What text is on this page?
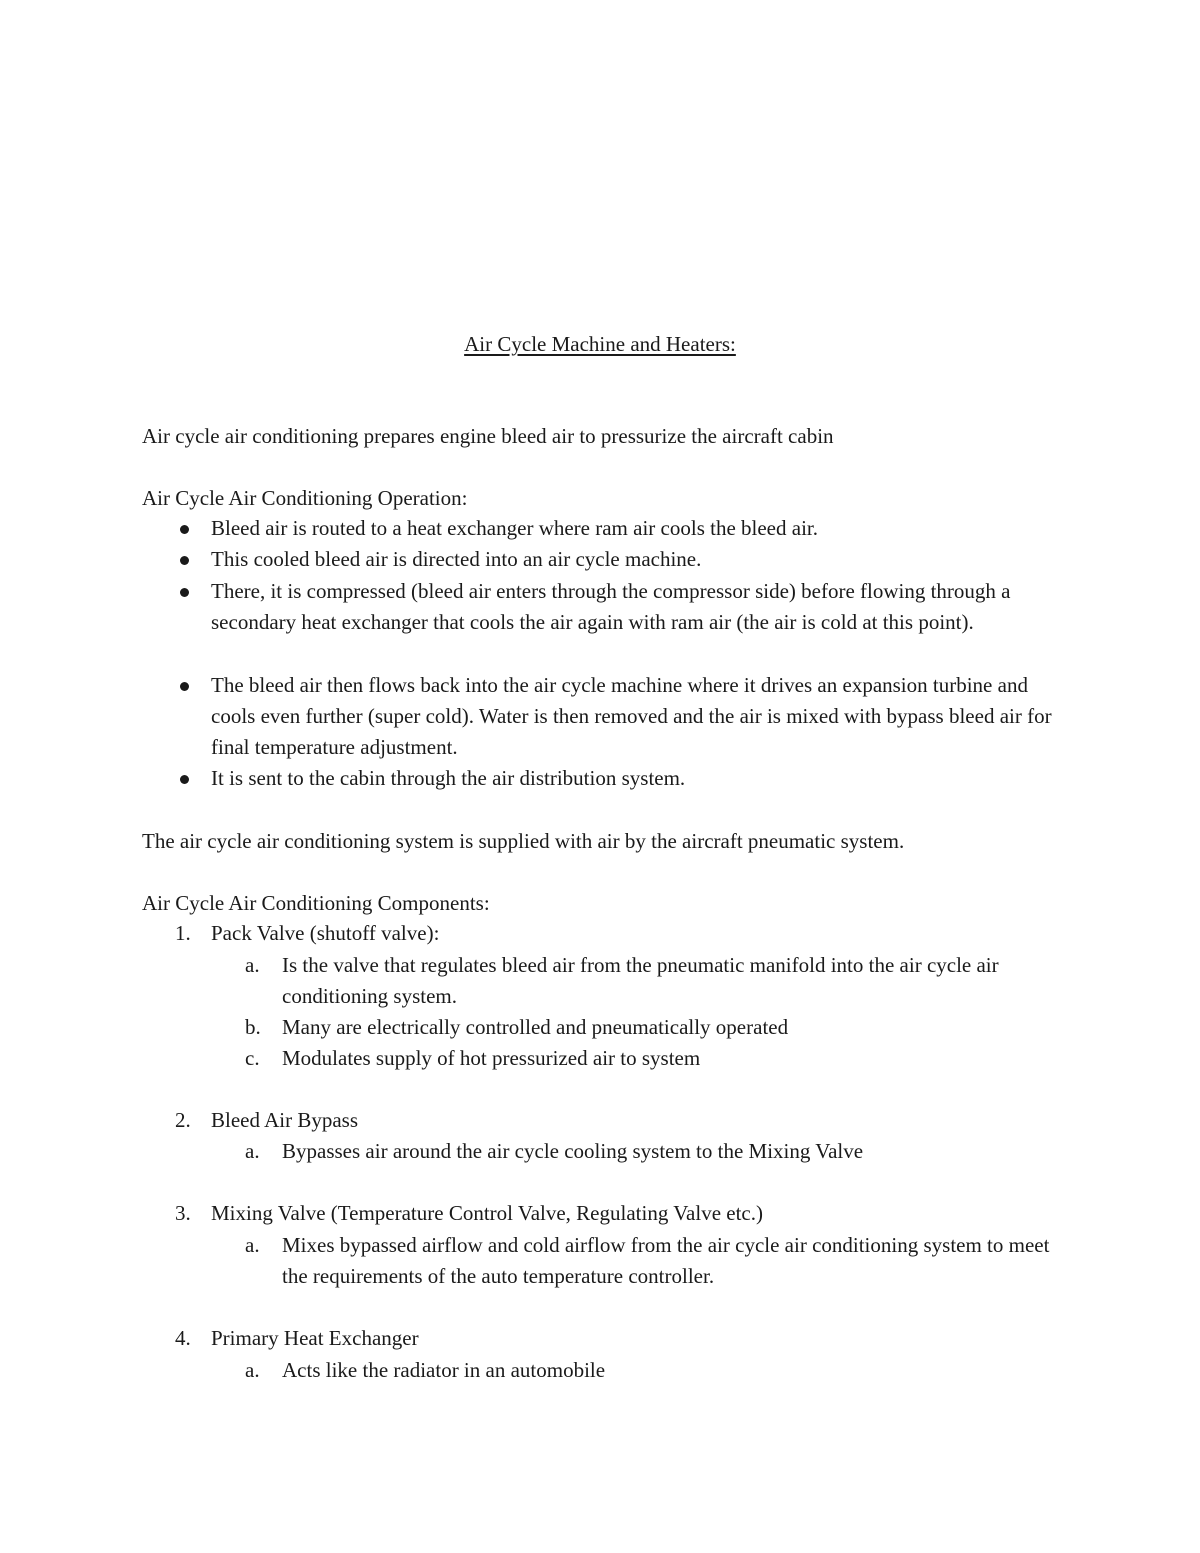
Air Cycle Machine and Heaters:
Air cycle air conditioning prepares engine bleed air to pressurize the aircraft cabin
Air Cycle Air Conditioning Operation:
Bleed air is routed to a heat exchanger where ram air cools the bleed air.
This cooled bleed air is directed into an air cycle machine.
There, it is compressed (bleed air enters through the compressor side) before flowing through a secondary heat exchanger that cools the air again with ram air (the air is cold at this point).
The bleed air then flows back into the air cycle machine where it drives an expansion turbine and cools even further (super cold). Water is then removed and the air is mixed with bypass bleed air for final temperature adjustment.
It is sent to the cabin through the air distribution system.
The air cycle air conditioning system is supplied with air by the aircraft pneumatic system.
Air Cycle Air Conditioning Components:
1. Pack Valve (shutoff valve):
a. Is the valve that regulates bleed air from the pneumatic manifold into the air cycle air conditioning system.
b. Many are electrically controlled and pneumatically operated
c. Modulates supply of hot pressurized air to system
2. Bleed Air Bypass
a. Bypasses air around the air cycle cooling system to the Mixing Valve
3. Mixing Valve (Temperature Control Valve, Regulating Valve etc.)
a. Mixes bypassed airflow and cold airflow from the air cycle air conditioning system to meet the requirements of the auto temperature controller.
4. Primary Heat Exchanger
a. Acts like the radiator in an automobile
